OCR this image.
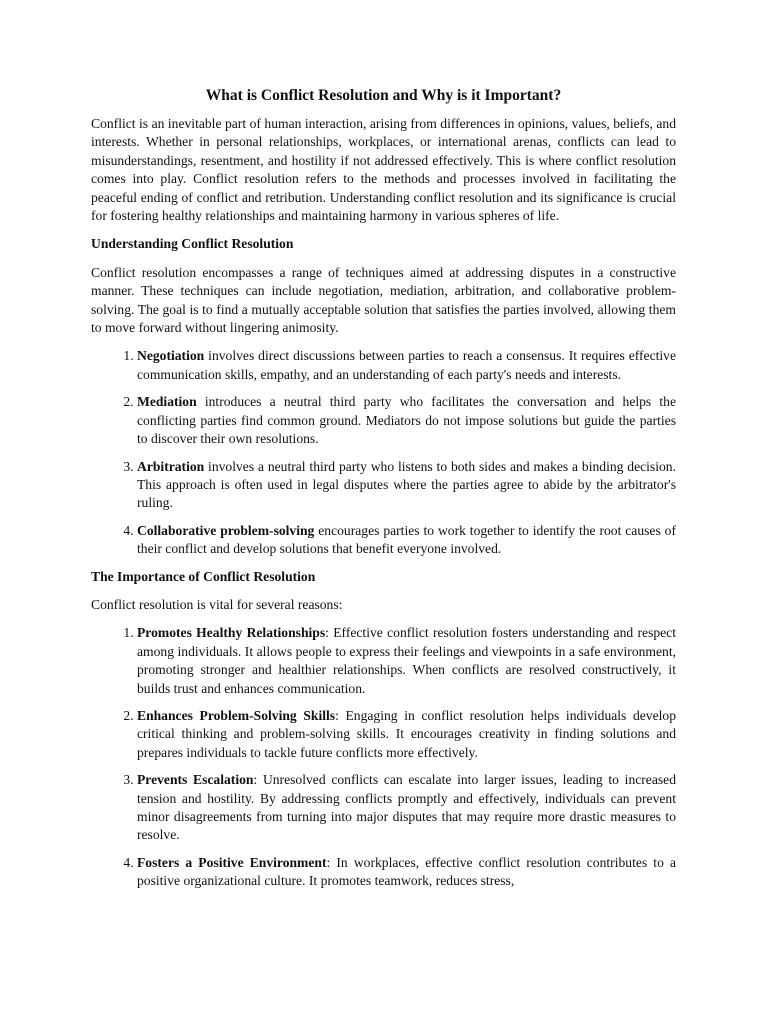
What is Conflict Resolution and Why is it Important?

Conflict is an inevitable part of human interaction, arising from differences in opinions, values, beliefs, and interests. Whether in personal relationships, workplaces, or international arenas, conflicts can lead to misunderstandings, resentment, and hostility if not addressed effectively. This is where conflict resolution comes into play. Conflict resolution refers to the methods and processes involved in facilitating the peaceful ending of conflict and retribution. Understanding conflict resolution and its significance is crucial for fostering healthy relationships and maintaining harmony in various spheres of life.

Understanding Conflict Resolution

Conflict resolution encompasses a range of techniques aimed at addressing disputes in a constructive manner. These techniques can include negotiation, mediation, arbitration, and collaborative problem-solving. The goal is to find a mutually acceptable solution that satisfies the parties involved, allowing them to move forward without lingering animosity.

1. Negotiation involves direct discussions between parties to reach a consensus. It requires effective communication skills, empathy, and an understanding of each party's needs and interests.
2. Mediation introduces a neutral third party who facilitates the conversation and helps the conflicting parties find common ground. Mediators do not impose solutions but guide the parties to discover their own resolutions.
3. Arbitration involves a neutral third party who listens to both sides and makes a binding decision. This approach is often used in legal disputes where the parties agree to abide by the arbitrator's ruling.
4. Collaborative problem-solving encourages parties to work together to identify the root causes of their conflict and develop solutions that benefit everyone involved.
The Importance of Conflict Resolution

Conflict resolution is vital for several reasons:

1. Promotes Healthy Relationships: Effective conflict resolution fosters understanding and respect among individuals. It allows people to express their feelings and viewpoints in a safe environment, promoting stronger and healthier relationships. When conflicts are resolved constructively, it builds trust and enhances communication.
2. Enhances Problem-Solving Skills: Engaging in conflict resolution helps individuals develop critical thinking and problem-solving skills. It encourages creativity in finding solutions and prepares individuals to tackle future conflicts more effectively.
3. Prevents Escalation: Unresolved conflicts can escalate into larger issues, leading to increased tension and hostility. By addressing conflicts promptly and effectively, individuals can prevent minor disagreements from turning into major disputes that may require more drastic measures to resolve.
4. Fosters a Positive Environment: In workplaces, effective conflict resolution contributes to a positive organizational culture. It promotes teamwork, reduces stress,
